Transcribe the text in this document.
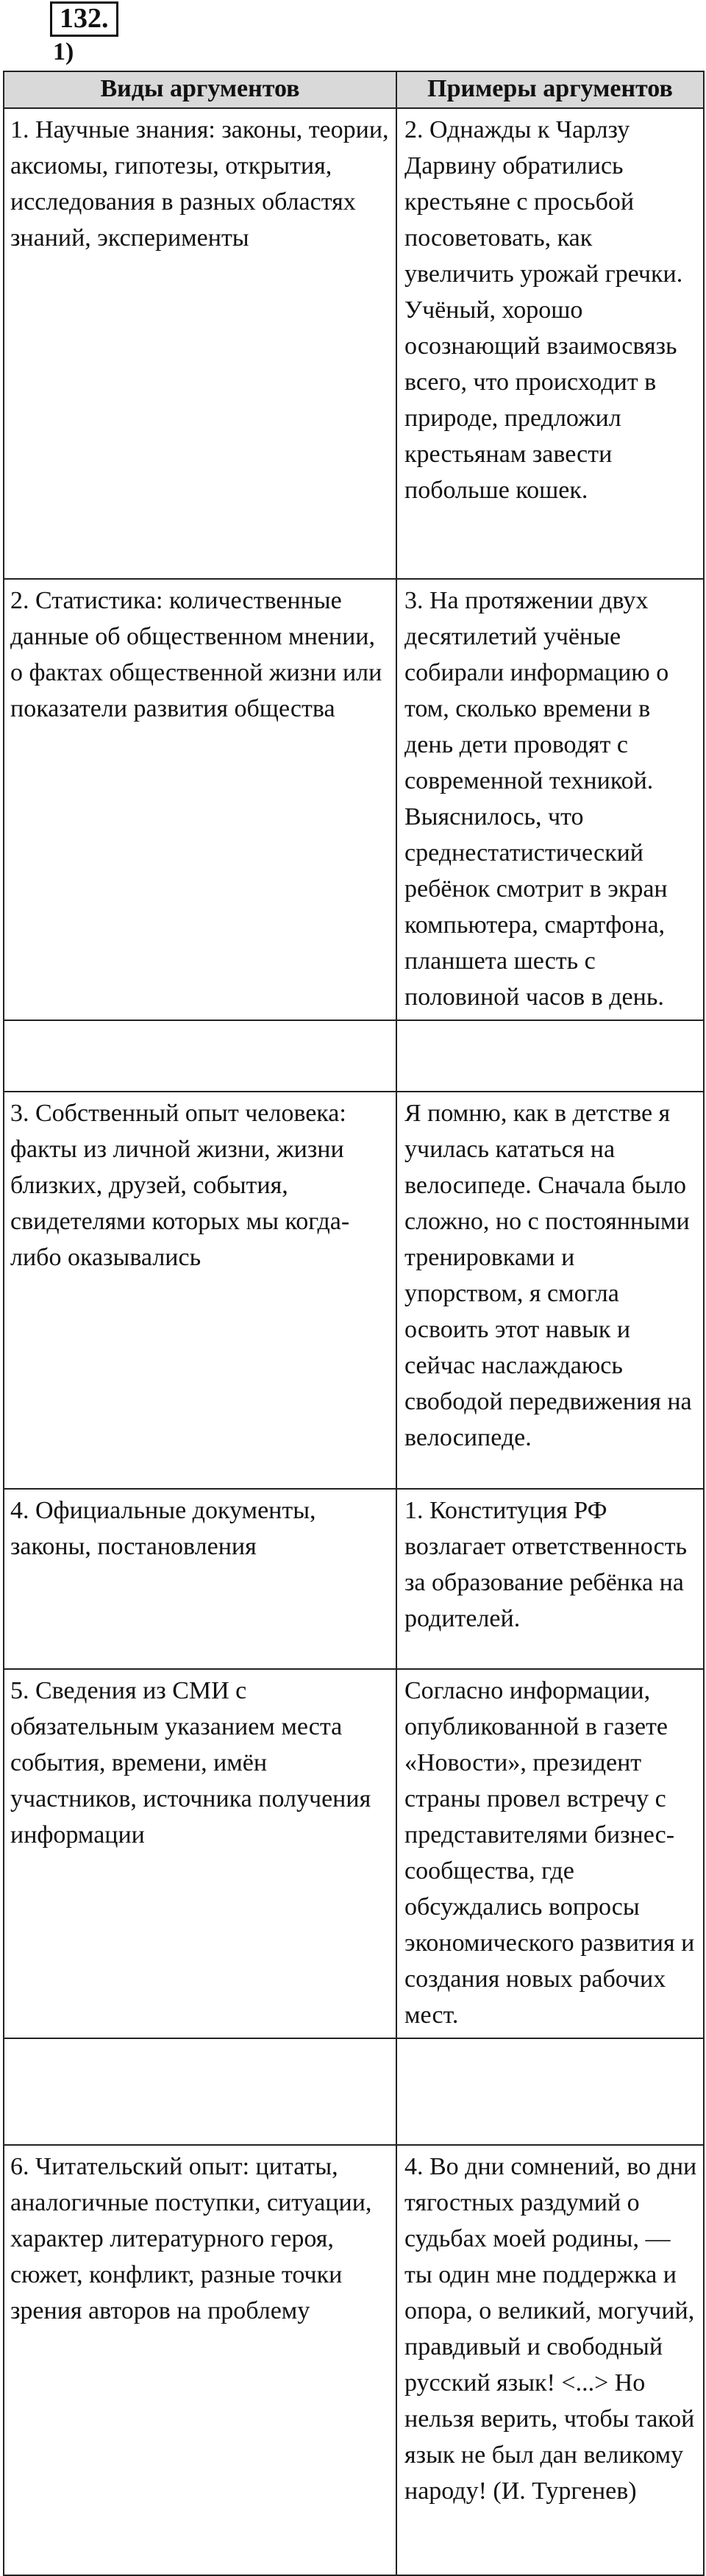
132.
1)
Виды аргументов	Примеры аргументов
1. Научные знания: законы, теории, аксиомы, гипотезы, открытия, исследования в разных областях знаний, эксперименты	2. Однажды к Чарлзу Дарвину обратились крестьяне с просьбой посоветовать, как увеличить урожай гречки. Учёный, хорошо осознающий взаимосвязь всего, что происходит в природе, предложил крестьянам завести побольше кошек.
2. Статистика: количественные данные об общественном мнении, о фактах общественной жизни или показатели развития общества	3. На протяжении двух десятилетий учёные собирали информацию о том, сколько времени в день дети проводят с современной техникой. Выяснилось, что среднестатистический ребёнок смотрит в экран компьютера, смартфона, планшета шесть с половиной часов в день.

3. Собственный опыт человека: факты из личной жизни, жизни близких, друзей, события, свидетелями которых мы когда-либо оказывались	Я помню, как в детстве я училась кататься на велосипеде. Сначала было сложно, но с постоянными тренировками и упорством, я смогла освоить этот навык и сейчас наслаждаюсь свободой передвижения на велосипеде.
4. Официальные документы, законы, постановления	1. Конституция РФ возлагает ответственность за образование ребёнка на родителей.
5. Сведения из СМИ с обязательным указанием места события, времени, имён участников, источника получения информации	Согласно информации, опубликованной в газете «Новости», президент страны провел встречу с представителями бизнес-сообщества, где обсуждались вопросы экономического развития и создания новых рабочих мест.

6. Читательский опыт: цитаты, аналогичные поступки, ситуации, характер литературного героя, сюжет, конфликт, разные точки зрения авторов на проблему	4. Во дни сомнений, во дни тягостных раздумий о судьбах моей родины, — ты один мне поддержка и опора, о великий, могучий, правдивый и свободный русский язык! <...> Но нельзя верить, чтобы такой язык не был дан великому народу! (И. Тургенев)
